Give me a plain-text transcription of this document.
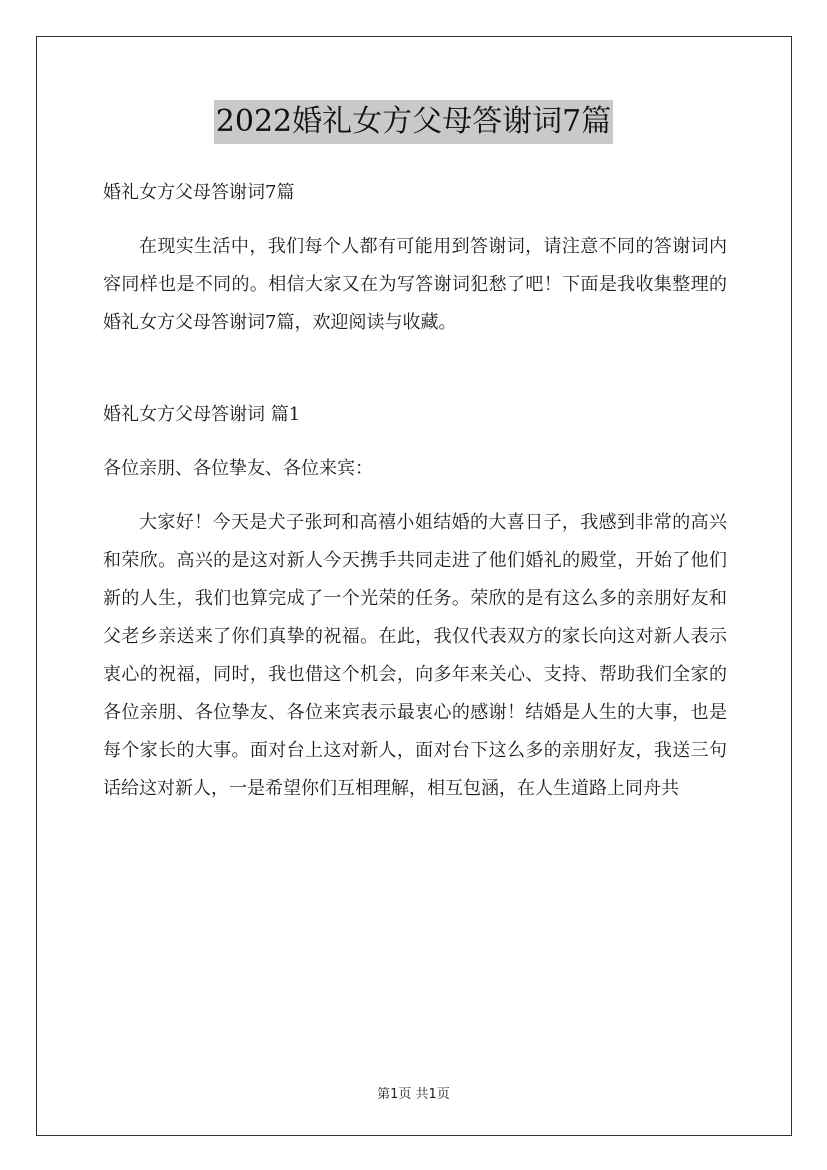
2022婚礼女方父母答谢词7篇
婚礼女方父母答谢词7篇

在现实生活中，我们每个人都有可能用到答谢词，请注意不同的答谢词内容同样也是不同的。相信大家又在为写答谢词犯愁了吧！下面是我收集整理的婚礼女方父母答谢词7篇，欢迎阅读与收藏。

婚礼女方父母答谢词 篇1
各位亲朋、各位挚友、各位来宾：

大家好！今天是犬子张珂和高禧小姐结婚的大喜日子，我感到非常的高兴和荣欣。高兴的是这对新人今天携手共同走进了他们婚礼的殿堂，开始了他们新的人生，我们也算完成了一个光荣的任务。荣欣的是有这么多的亲朋好友和父老乡亲送来了你们真挚的祝福。在此，我仅代表双方的家长向这对新人表示衷心的祝福，同时，我也借这个机会，向多年来关心、支持、帮助我们全家的各位亲朋、各位挚友、各位来宾表示最衷心的感谢！结婚是人生的大事，也是每个家长的大事。面对台上这对新人，面对台下这么多的亲朋好友，我送三句话给这对新人，一是希望你们互相理解，相互包涵，在人生道路上同舟共

第1页 共1页
